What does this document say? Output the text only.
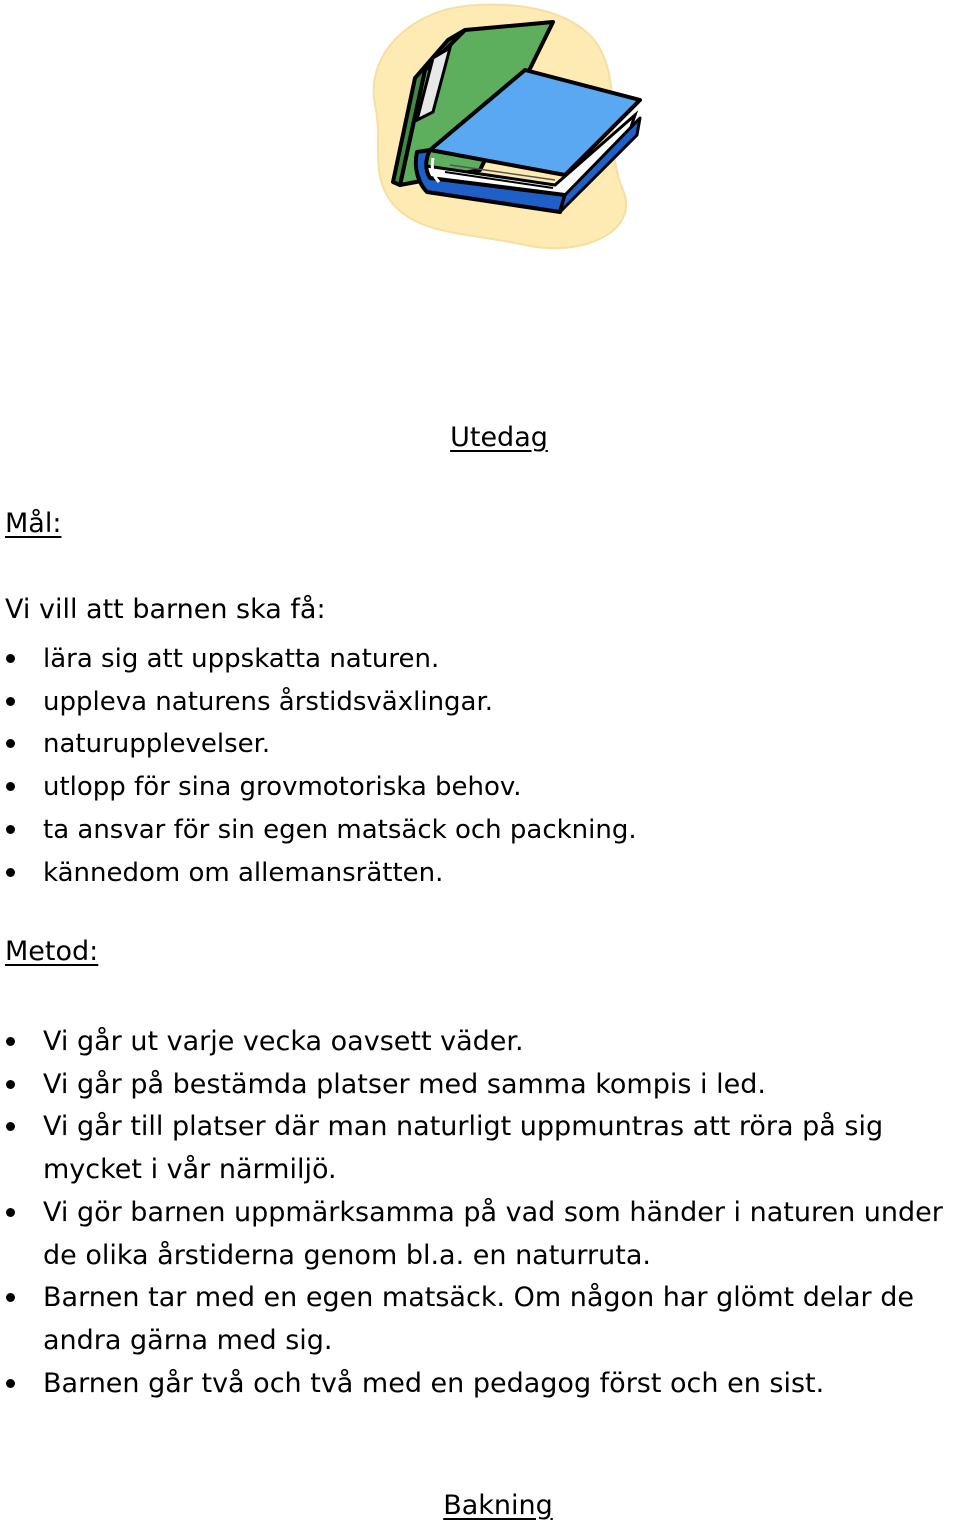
Utedag
Mål:

Vi vill att barnen ska få:

lära sig att uppskatta naturen.
uppleva naturens årstidsväxlingar.
naturupplevelser.
utlopp för sina grovmotoriska behov.
ta ansvar för sin egen matsäck och packning.
kännedom om allemansrätten.
Metod:
Vi går ut varje vecka oavsett väder.
Vi går på bestämda platser med samma kompis i led.
Vi går till platser där man naturligt uppmuntras att röra på sig mycket i vår närmiljö.
Vi gör barnen uppmärksamma på vad som händer i naturen under de olika årstiderna genom bl.a. en naturruta.
Barnen tar med en egen matsäck. Om någon har glömt delar de andra gärna med sig.
Barnen går två och två med en pedagog först och en sist.
Bakning
